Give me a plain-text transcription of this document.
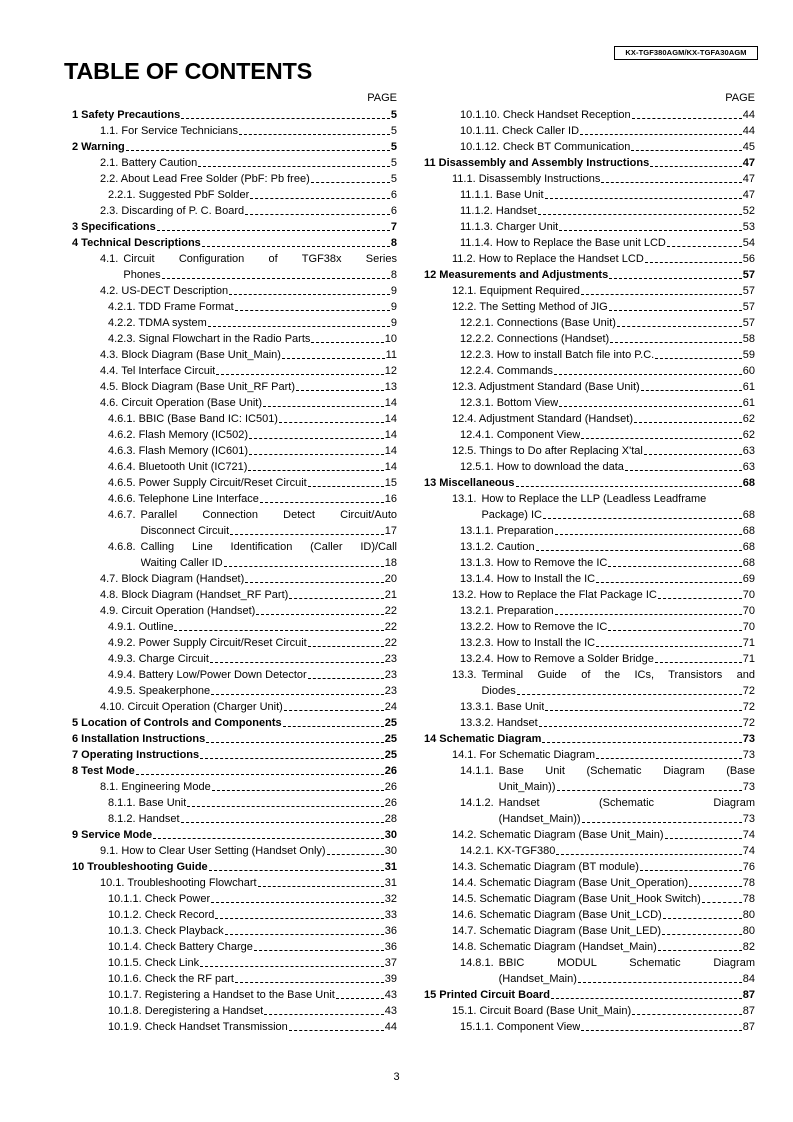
KX-TGF380AGM/KX-TGFA30AGM
TABLE OF CONTENTS
PAGE	PAGE
1 Safety Precautions	5
1.1. For Service Technicians	5
2 Warning	5
2.1. Battery Caution	5
2.2. About Lead Free Solder (PbF: Pb free)	5
2.2.1. Suggested PbF Solder	6
2.3. Discarding of P. C. Board	6
3 Specifications	7
4 Technical Descriptions	8
4.1. Circuit Configuration of TGF38x Series
Phones	8
4.2. US-DECT Description	9
4.2.1. TDD Frame Format	9
4.2.2. TDMA system	9
4.2.3. Signal Flowchart in the Radio Parts	10
4.3. Block Diagram (Base Unit_Main)	11
4.4. Tel Interface Circuit	12
4.5. Block Diagram (Base Unit_RF Part)	13
4.6. Circuit Operation (Base Unit)	14
4.6.1. BBIC (Base Band IC: IC501)	14
4.6.2. Flash Memory (IC502)	14
4.6.3. Flash Memory (IC601)	14
4.6.4. Bluetooth Unit (IC721)	14
4.6.5. Power Supply Circuit/Reset Circuit	15
4.6.6. Telephone Line Interface	16
4.6.7. Parallel Connection Detect Circuit/Auto
Disconnect Circuit	17
4.6.8. Calling Line Identification (Caller ID)/Call
Waiting Caller ID	18
4.7. Block Diagram (Handset)	20
4.8. Block Diagram (Handset_RF Part)	21
4.9. Circuit Operation (Handset)	22
4.9.1. Outline	22
4.9.2. Power Supply Circuit/Reset Circuit	22
4.9.3. Charge Circuit	23
4.9.4. Battery Low/Power Down Detector	23
4.9.5. Speakerphone	23
4.10. Circuit Operation (Charger Unit)	24
5 Location of Controls and Components	25
6 Installation Instructions	25
7 Operating Instructions	25
8 Test Mode	26
8.1. Engineering Mode	26
8.1.1. Base Unit	26
8.1.2. Handset	28
9 Service Mode	30
9.1. How to Clear User Setting (Handset Only)	30
10 Troubleshooting Guide	31
10.1. Troubleshooting Flowchart	31
10.1.1. Check Power	32
10.1.2. Check Record	33
10.1.3. Check Playback	36
10.1.4. Check Battery Charge	36
10.1.5. Check Link	37
10.1.6. Check the RF part	39
10.1.7. Registering a Handset to the Base Unit	43
10.1.8. Deregistering a Handset	43
10.1.9. Check Handset Transmission	44
10.1.10. Check Handset Reception	44
10.1.11. Check Caller ID	44
10.1.12. Check BT Communication	45
11 Disassembly and Assembly Instructions	47
11.1. Disassembly Instructions	47
11.1.1. Base Unit	47
11.1.2. Handset	52
11.1.3. Charger Unit	53
11.1.4. How to Replace the Base unit LCD	54
11.2. How to Replace the Handset LCD	56
12 Measurements and Adjustments	57
12.1. Equipment Required	57
12.2. The Setting Method of JIG	57
12.2.1. Connections (Base Unit)	57
12.2.2. Connections (Handset)	58
12.2.3. How to install Batch file into P.C.	59
12.2.4. Commands	60
12.3. Adjustment Standard (Base Unit)	61
12.3.1. Bottom View	61
12.4. Adjustment Standard (Handset)	62
12.4.1. Component View	62
12.5. Things to Do after Replacing X'tal	63
12.5.1. How to download the data	63
13 Miscellaneous	68
13.1. How to Replace the LLP (Leadless Leadframe
Package) IC	68
13.1.1. Preparation	68
13.1.2. Caution	68
13.1.3. How to Remove the IC	68
13.1.4. How to Install the IC	69
13.2. How to Replace the Flat Package IC	70
13.2.1. Preparation	70
13.2.2. How to Remove the IC	70
13.2.3. How to Install the IC	71
13.2.4. How to Remove a Solder Bridge	71
13.3. Terminal Guide of the ICs, Transistors and
Diodes	72
13.3.1. Base Unit	72
13.3.2. Handset	72
14 Schematic Diagram	73
14.1. For Schematic Diagram	73
14.1.1. Base Unit (Schematic Diagram (Base
Unit_Main))	73
14.1.2. Handset (Schematic Diagram
(Handset_Main))	73
14.2. Schematic Diagram (Base Unit_Main)	74
14.2.1. KX-TGF380	74
14.3. Schematic Diagram (BT module)	76
14.4. Schematic Diagram (Base Unit_Operation)	78
14.5. Schematic Diagram (Base Unit_Hook Switch)	78
14.6. Schematic Diagram (Base Unit_LCD)	80
14.7. Schematic Diagram (Base Unit_LED)	80
14.8. Schematic Diagram (Handset_Main)	82
14.8.1. BBIC MODUL Schematic Diagram
(Handset_Main)	84
15 Printed Circuit Board	87
15.1. Circuit Board (Base Unit_Main)	87
15.1.1. Component View	87
3
